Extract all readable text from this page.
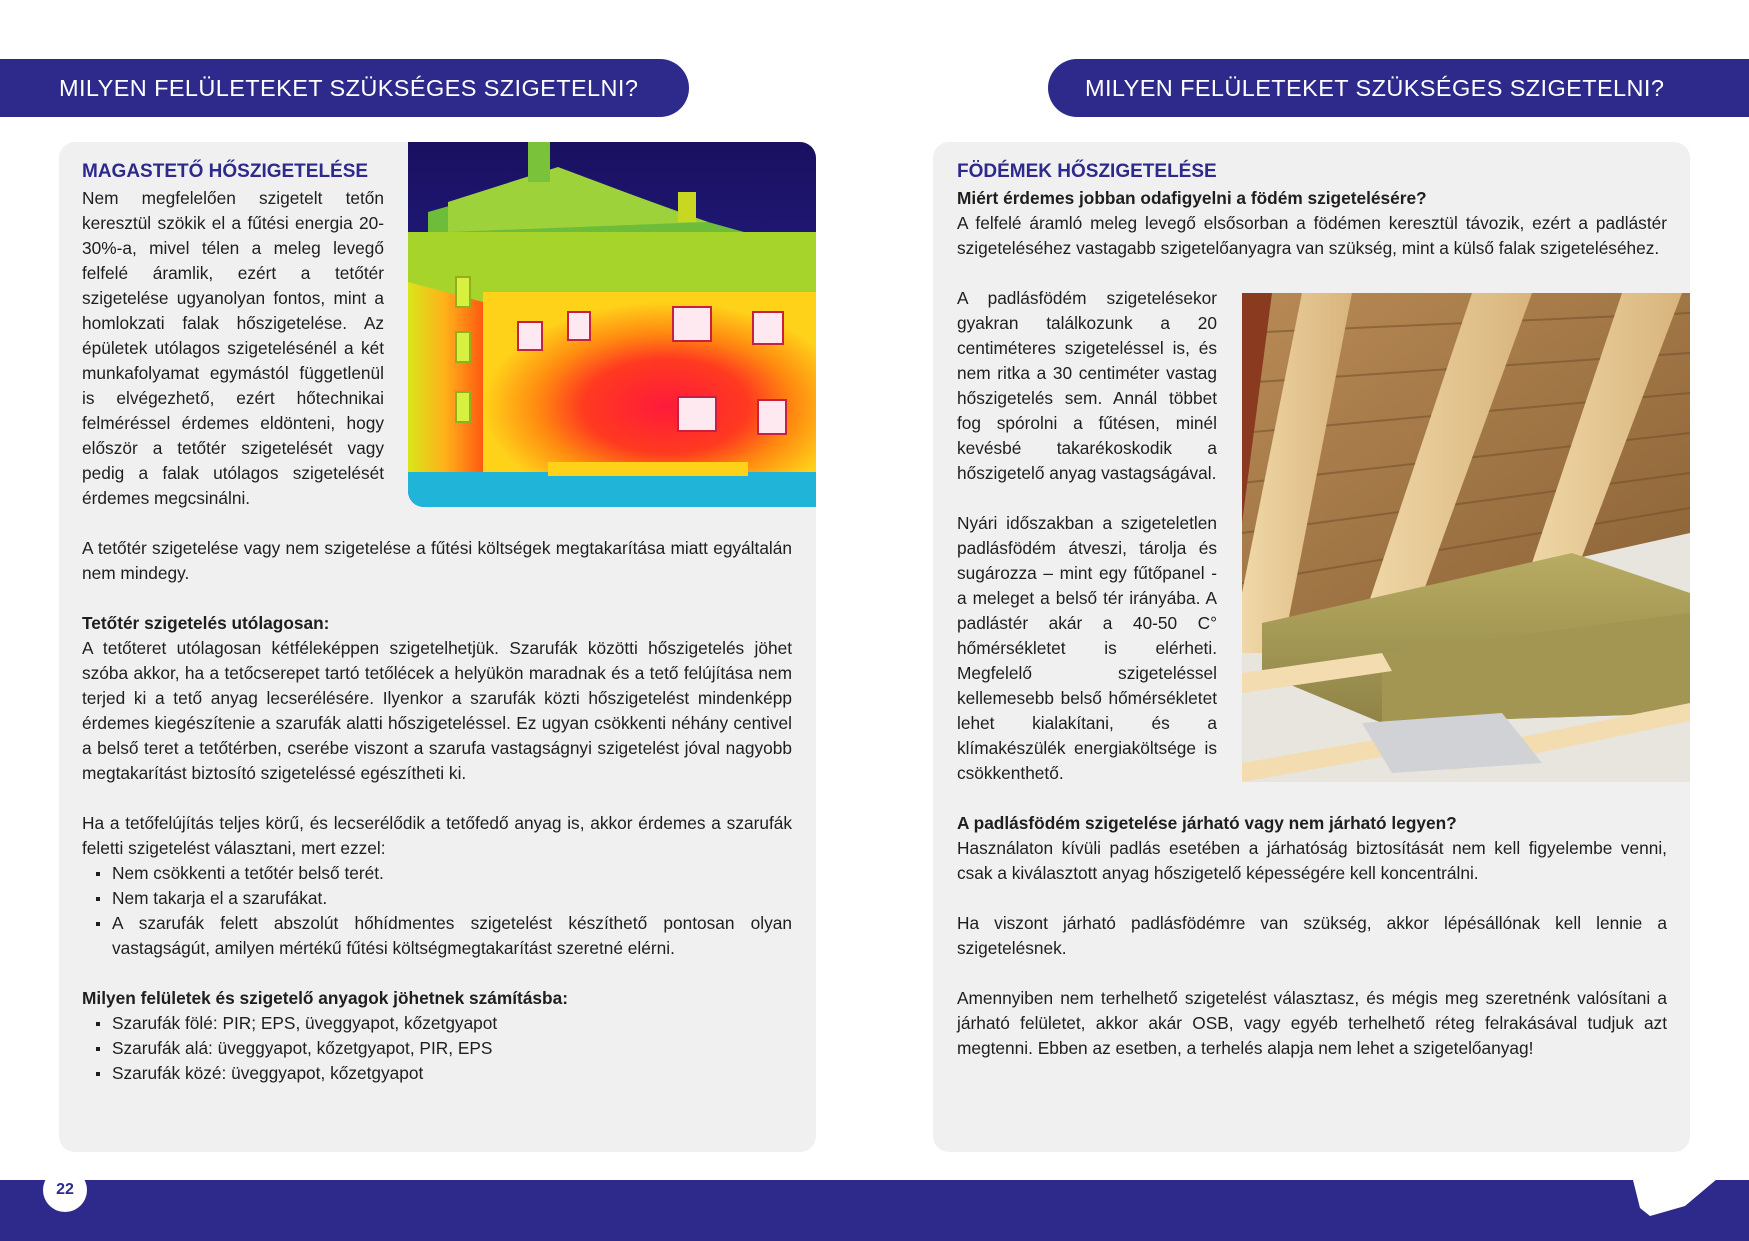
MILYEN FELÜLETEKET SZÜKSÉGES SZIGETELNI?	MILYEN FELÜLETEKET SZÜKSÉGES SZIGETELNI?
MAGASTETŐ HŐSZIGETELÉSE
Nem megfelelően szigetelt tetőn keresztül szökik el a fűtési energia 20-30%-a, mivel télen a meleg levegő felfelé áramlik, ezért a tetőtér szigetelése ugyanolyan fontos, mint a homlokzati falak hőszigetelése. Az épületek utólagos szigetelésénél a két munkafolyamat egymástól függetlenül is elvégezhető, ezért hőtechnikai felméréssel érdemes eldönteni, hogy először a tetőtér szigetelését vagy pedig a falak utólagos szigetelését érdemes megcsinálni.
A tetőtér szigetelése vagy nem szigetelése a fűtési költségek megtakarítása miatt egyáltalán nem mindegy.
Tetőtér szigetelés utólagosan:
A tetőteret utólagosan kétféleképpen szigetelhetjük. Szarufák közötti hőszigetelés jöhet szóba akkor, ha a tetőcserepet tartó tetőlécek a helyükön maradnak és a tető felújítása nem terjed ki a tető anyag lecserélésére. Ilyenkor a szarufák közti hőszigetelést mindenképp érdemes kiegészítenie a szarufák alatti hőszigeteléssel. Ez ugyan csökkenti néhány centivel a belső teret a tetőtérben, cserébe viszont a szarufa vastagságnyi szigetelést jóval nagyobb megtakarítást biztosító szigeteléssé egészítheti ki.
Ha a tetőfelújítás teljes körű, és lecserélődik a tetőfedő anyag is, akkor érdemes a szarufák feletti szigetelést választani, mert ezzel:
Nem csökkenti a tetőtér belső terét.
Nem takarja el a szarufákat.
A szarufák felett abszolút hőhídmentes szigetelést készíthető pontosan olyan vastagságút, amilyen mértékű fűtési költségmegtakarítást szeretné elérni.
Milyen felületek és szigetelő anyagok jöhetnek számításba:
Szarufák fölé: PIR; EPS, üveggyapot, kőzetgyapot
Szarufák alá: üveggyapot, kőzetgyapot, PIR, EPS
Szarufák közé: üveggyapot, kőzetgyapot
FÖDÉMEK HŐSZIGETELÉSE
Miért érdemes jobban odafigyelni a födém szigetelésére?
A felfelé áramló meleg levegő elsősorban a födémen keresztül távozik, ezért a padlástér szigeteléséhez vastagabb szigetelőanyagra van szükség, mint a külső falak szigeteléséhez.
A padlásfödém szigetelésekor gyakran találkozunk a 20 centiméteres szigeteléssel is, és nem ritka a 30 centiméter vastag hőszigetelés sem. Annál többet fog spórolni a fűtésen, minél kevésbé takarékoskodik a hőszigetelő anyag vastagságával.
Nyári időszakban a szigeteletlen padlásfödém átveszi, tárolja és sugározza – mint egy fűtőpanel - a meleget a belső tér irányába. A padlástér akár a 40-50 C° hőmérsékletet is elérheti. Megfelelő szigeteléssel kellemesebb belső hőmérsékletet lehet kialakítani, és a klímakészülék energiaköltsége is csökkenthető.
A padlásfödém szigetelése járható vagy nem járható legyen?
Használaton kívüli padlás esetében a járhatóság biztosítását nem kell figyelembe venni, csak a kiválasztott anyag hőszigetelő képességére kell koncentrálni.
Ha viszont járható padlásfödémre van szükség, akkor lépésállónak kell lennie a szigetelésnek.
Amennyiben nem terhelhető szigetelést választasz, és mégis meg szeretnénk valósítani a járható felületet, akkor akár OSB, vagy egyéb terhelhető réteg felrakásával tudjuk azt megtenni. Ebben az esetben, a terhelés alapja nem lehet a szigetelőanyag!
22	23
